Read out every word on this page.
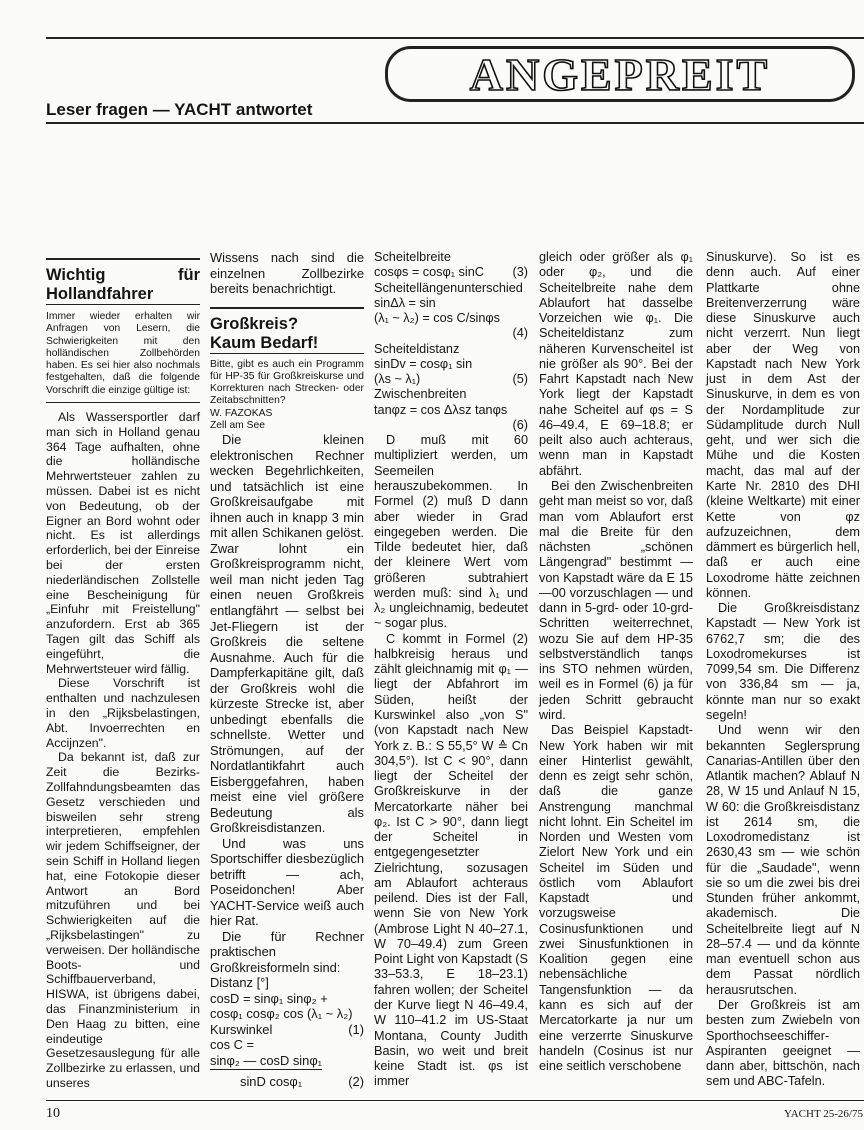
Leser fragen — YACHT antwortet
ANGEPREIT

Wichtig für Hollandfahrer

Immer wieder erhalten wir Anfragen von Lesern, die Schwierigkeiten mit den holländischen Zollbehörden haben. Es sei hier also nochmals festgehalten, daß die folgende Vorschrift die einzige gültige ist:

Als Wassersportler darf man sich in Holland genau 364 Tage aufhalten, ohne die holländische Mehrwertsteuer zahlen zu müssen. Dabei ist es nicht von Bedeutung, ob der Eigner an Bord wohnt oder nicht. Es ist allerdings erforderlich, bei der Einreise bei der ersten niederländischen Zollstelle eine Bescheinigung für „Einfuhr mit Freistellung" anzufordern. Erst ab 365 Tagen gilt das Schiff als eingeführt, die Mehrwertsteuer wird fällig.

Diese Vorschrift ist enthalten und nachzulesen in den „Rijksbelastingen, Abt. Invoerrechten en Accijnzen".

Da bekannt ist, daß zur Zeit die Bezirks-Zollfahndungsbeamten das Gesetz verschieden und bisweilen sehr streng interpretieren, empfehlen wir jedem Schiffseigner, der sein Schiff in Holland liegen hat, eine Fotokopie dieser Antwort an Bord mitzuführen und bei Schwierigkeiten auf die „Rijksbelastingen" zu verweisen. Der holländische Boots- und Schiffbauerverband, HISWA, ist übrigens dabei, das Finanzministerium in Den Haag zu bitten, eine eindeutige Gesetzesauslegung für alle Zollbezirke zu erlassen, und unseres

Wissens nach sind die einzelnen Zollbezirke bereits benachrichtigt.

Großkreis? Kaum Bedarf!

Bitte, gibt es auch ein Programm für HP-35 für Großkreiskurse und Korrekturen nach Strecken- oder Zeitabschnitten?

W. FAZOKAS

Zell am See

Die kleinen elektronischen Rechner wecken Begehrlichkeiten, und tatsächlich ist eine Großkreisaufgabe mit ihnen auch in knapp 3 min mit allen Schikanen gelöst. Zwar lohnt ein Großkreisprogramm nicht, weil man nicht jeden Tag einen neuen Großkreis entlangfährt — selbst bei Jet-Fliegern ist der Großkreis die seltene Ausnahme. Auch für die Dampferkapitäne gilt, daß der Großkreis wohl die kürzeste Strecke ist, aber unbedingt ebenfalls die schnellste. Wetter und Strömungen, auf der Nordatlantikfahrt auch Eisberggefahren, haben meist eine viel größere Bedeutung als Großkreisdistanzen.

Und was uns Sportschiffer diesbezüglich betrifft — ach, Poseidonchen! Aber YACHT-Service weiß auch hier Rat.

Die für Rechner praktischen Großkreisformeln sind:

Distanz [°]

cosD = sinφ₁ sinφ₂ + cosφ₁ cosφ₂ cos (λ₁ ~ λ₂)
(1)

Kurswinkel

cos C =

sinφ₂ — cosD sinφ₁

sinD cosφ₁	(2)

Scheitelbreite

cosφs = cosφ₁ sinC (3)

Scheitellängenunterschied

sinΔλ = sin

(λ₁ ~ λ₂) = cos C/sinφs

(4)

Scheiteldistanz

sinDv = cosφ₁ sin

(λs ~ λ₁)	(5)

Zwischenbreiten

tanφz = cos Δλsz tanφs

(6)

D muß mit 60 multipliziert werden, um Seemeilen herauszubekommen. In Formel (2) muß D dann aber wieder in Grad eingegeben werden. Die Tilde bedeutet hier, daß der kleinere Wert vom größeren subtrahiert werden muß: sind λ₁ und λ₂ ungleichnamig, bedeutet ~ sogar plus.

C kommt in Formel (2) halbkreisig heraus und zählt gleichnamig mit φ₁ — liegt der Abfahrort im Süden, heißt der Kurswinkel also „von S" (von Kapstadt nach New York z. B.: S 55,5° W ≙ Cn 304,5°). Ist C < 90°, dann liegt der Scheitel der Großkreiskurve in der Mercatorkarte näher bei φ₂. Ist C > 90°, dann liegt der Scheitel in entgegengesetzter Zielrichtung, sozusagen am Ablaufort achteraus peilend. Dies ist der Fall, wenn Sie von New York (Ambrose Light N 40–27.1, W 70–49.4) zum Green Point Light von Kapstadt (S 33–53.3, E 18–23.1) fahren wollen; der Scheitel der Kurve liegt N 46–49.4, W 110–41.2 im US-Staat Montana, County Judith Basin, wo weit und breit keine Stadt ist. φs ist immer

gleich oder größer als φ₁ oder φ₂, und die Scheitelbreite nahe dem Ablaufort hat dasselbe Vorzeichen wie φ₁. Die Scheiteldistanz zum näheren Kurvenscheitel ist nie größer als 90°. Bei der Fahrt Kapstadt nach New York liegt der Kapstadt nahe Scheitel auf φs = S 46–49.4, E 69–18.8; er peilt also auch achteraus, wenn man in Kapstadt abfährt.

Bei den Zwischenbreiten geht man meist so vor, daß man vom Ablaufort erst mal die Breite für den nächsten „schönen Längengrad" bestimmt — von Kapstadt wäre da E 15—00 vorzuschlagen — und dann in 5-grd- oder 10-grd-Schritten weiterrechnet, wozu Sie auf dem HP-35 selbstverständlich tanφs ins STO nehmen würden, weil es in Formel (6) ja für jeden Schritt gebraucht wird.

Das Beispiel Kapstadt-New York haben wir mit einer Hinterlist gewählt, denn es zeigt sehr schön, daß die ganze Anstrengung manchmal nicht lohnt. Ein Scheitel im Norden und Westen vom Zielort New York und ein Scheitel im Süden und östlich vom Ablaufort Kapstadt und vorzugsweise Cosinusfunktionen und zwei Sinusfunktionen in Koalition gegen eine nebensächliche Tangensfunktion — da kann es sich auf der Mercatorkarte ja nur um eine verzerrte Sinuskurve handeln (Cosinus ist nur eine seitlich verschobene

Sinuskurve). So ist es denn auch. Auf einer Plattkarte ohne Breitenverzerrung wäre diese Sinuskurve auch nicht verzerrt. Nun liegt aber der Weg von Kapstadt nach New York just in dem Ast der Sinuskurve, in dem es von der Nordamplitude zur Südamplitude durch Null geht, und wer sich die Mühe und die Kosten macht, das mal auf der Karte Nr. 2810 des DHI (kleine Weltkarte) mit einer Kette von φz aufzuzeichnen, dem dämmert es bürgerlich hell, daß er auch eine Loxodrome hätte zeichnen können.

Die Großkreisdistanz Kapstadt — New York ist 6762,7 sm; die des Loxodromekurses ist 7099,54 sm. Die Differenz von 336,84 sm — ja, könnte man nur so exakt segeln!

Und wenn wir den bekannten Seglersprung Canarias-Antillen über den Atlantik machen? Ablauf N 28, W 15 und Anlauf N 15, W 60: die Großkreisdistanz ist 2614 sm, die Loxodromedistanz ist 2630,43 sm — wie schön für die „Saudade", wenn sie so um die zwei bis drei Stunden früher ankommt, akademisch. Die Scheitelbreite liegt auf N 28–57.4 — und da könnte man eventuell schon aus dem Passat nördlich herausrutschen.

Der Großkreis ist am besten zum Zwiebeln von Sporthochseeschiffer-Aspiranten geeignet — dann aber, bittschön, nach sem und ABC-Tafeln.

10	YACHT 25-26/75
